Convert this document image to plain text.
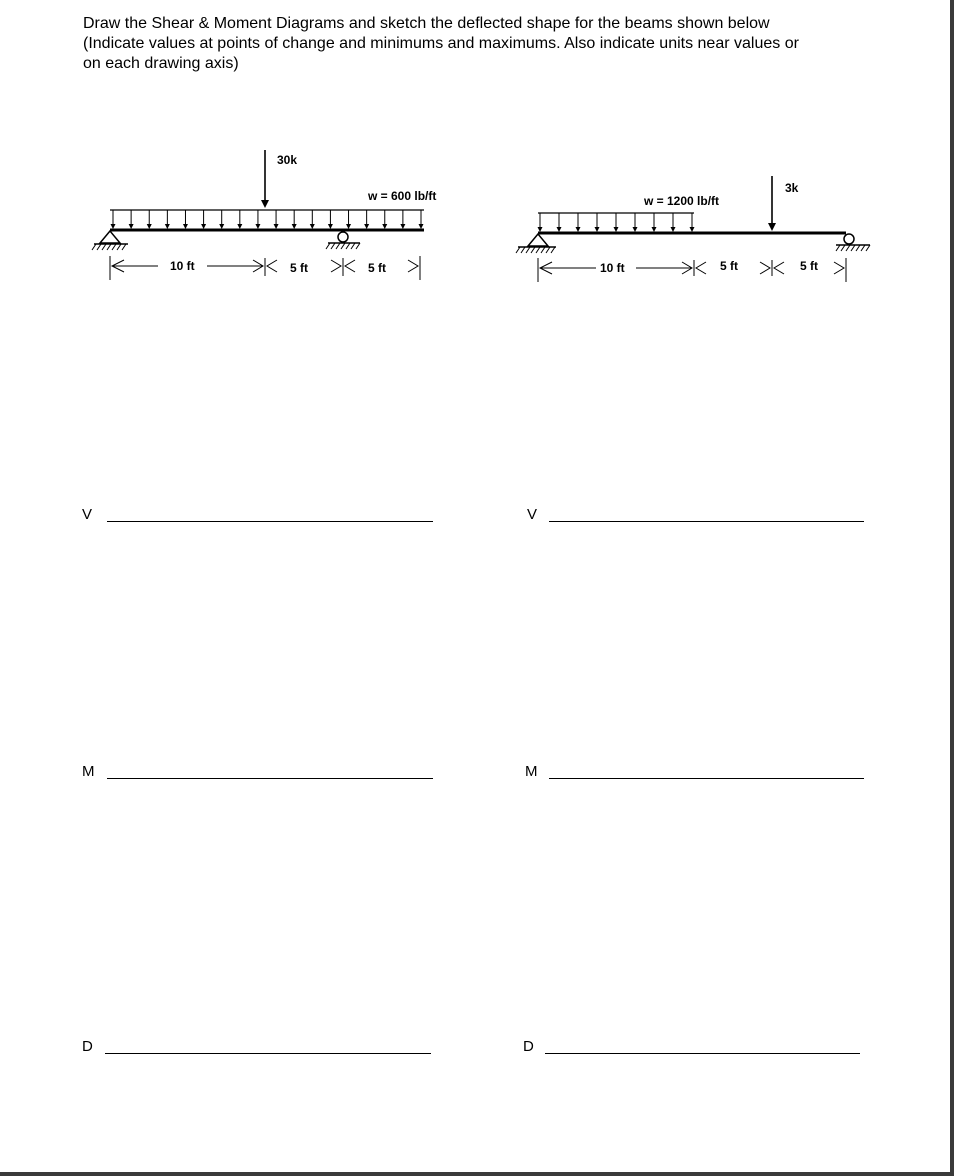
Draw the Shear & Moment Diagrams and sketch the deflected shape for the beams shown below
(Indicate values at points of change and minimums and maximums. Also indicate units near values or
on each drawing axis)
30k
w = 600 lb/ft
10 ft	5 ft	5 ft
3k
w = 1200 lb/ft
10 ft	5 ft	5 ft
V
M
D
V
M
D
